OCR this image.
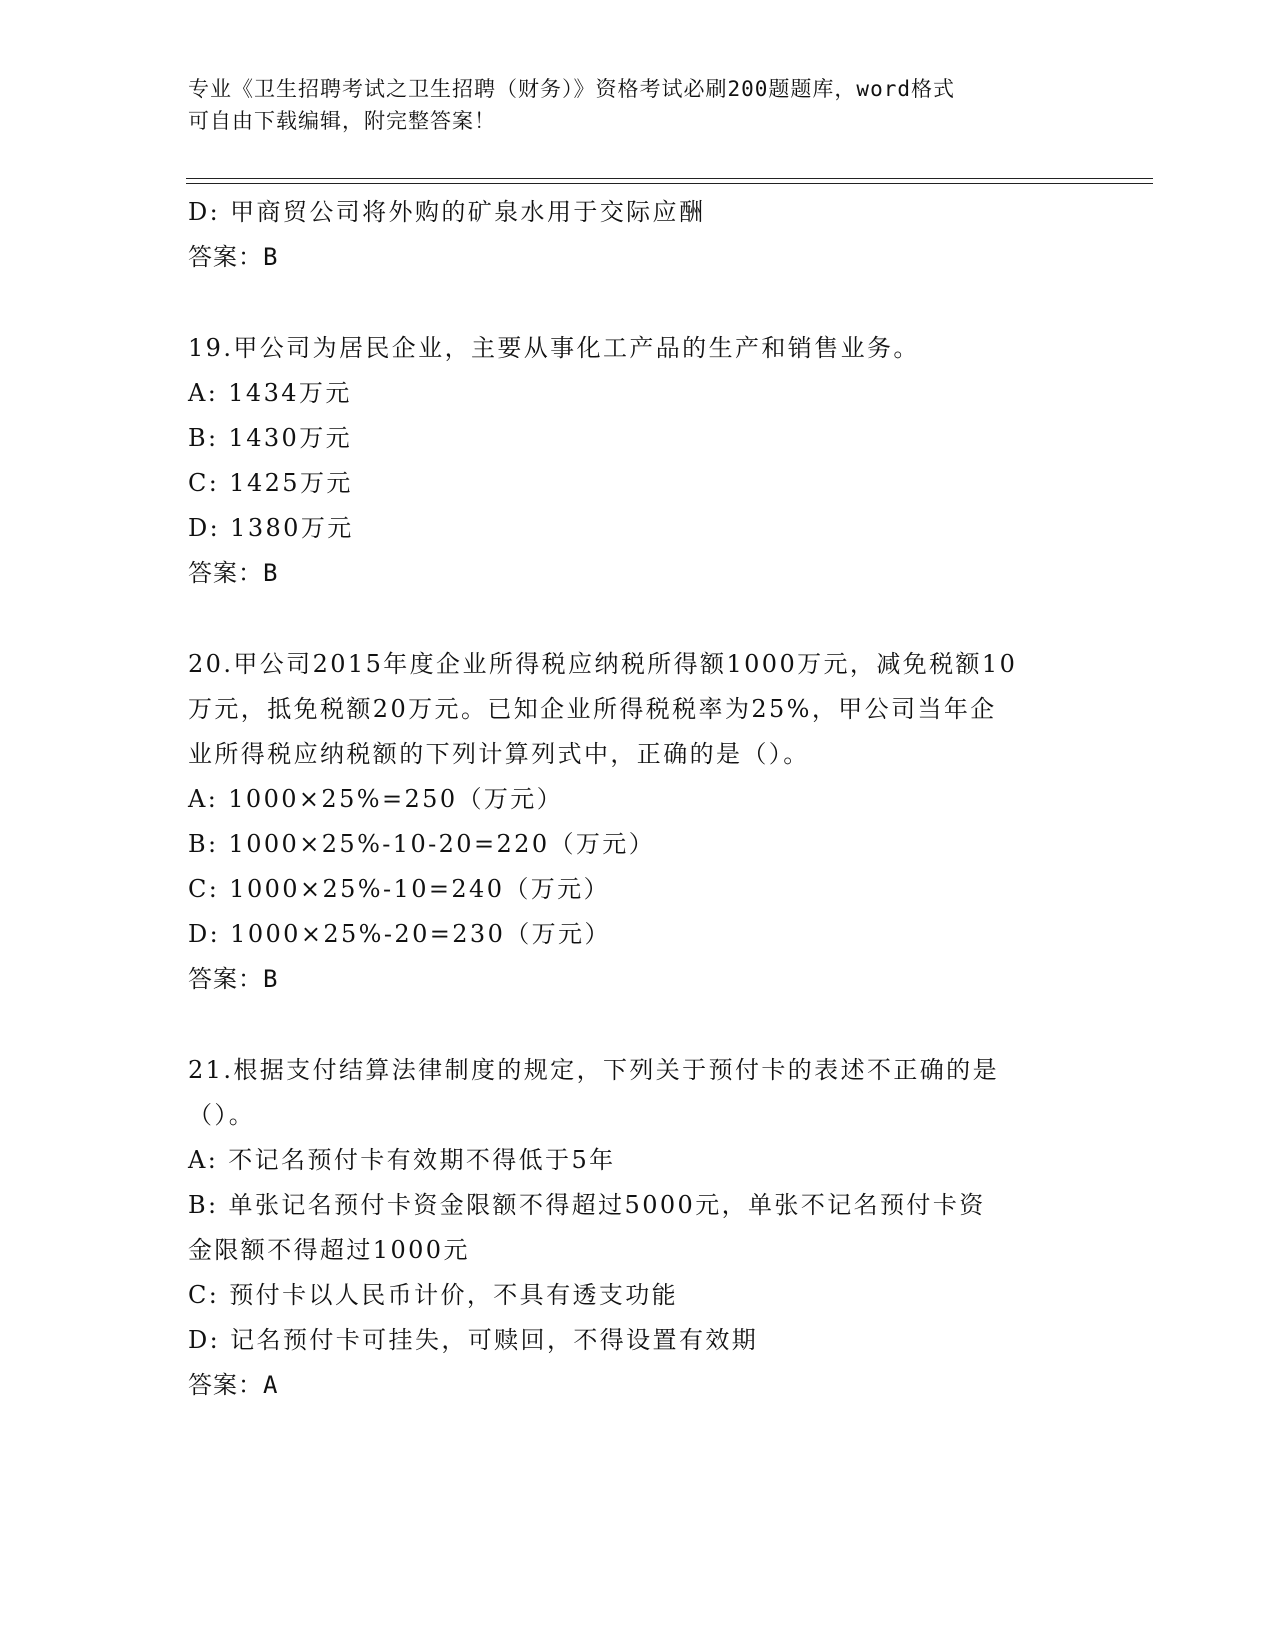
专业《卫生招聘考试之卫生招聘（财务）》资格考试必刷200题题库，word格式
可自由下载编辑，附完整答案！
D: 甲商贸公司将外购的矿泉水用于交际应酬
答案：B
19.甲公司为居民企业，主要从事化工产品的生产和销售业务。
A: 1434万元
B: 1430万元
C: 1425万元
D: 1380万元
答案：B
20.甲公司2015年度企业所得税应纳税所得额1000万元，减免税额10
万元，抵免税额20万元。已知企业所得税税率为25%，甲公司当年企
业所得税应纳税额的下列计算列式中，正确的是（）。
A: 1000×25%=250（万元）
B: 1000×25%-10-20=220（万元）
C: 1000×25%-10=240（万元）
D: 1000×25%-20=230（万元）
答案：B
21.根据支付结算法律制度的规定，下列关于预付卡的表述不正确的是
（）。
A: 不记名预付卡有效期不得低于5年
B: 单张记名预付卡资金限额不得超过5000元，单张不记名预付卡资
金限额不得超过1000元
C: 预付卡以人民币计价，不具有透支功能
D: 记名预付卡可挂失，可赎回，不得设置有效期
答案：A
